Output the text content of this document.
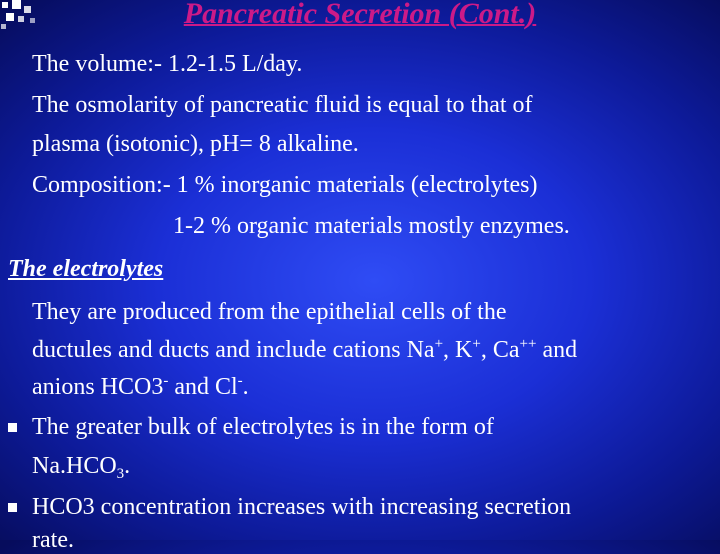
Pancreatic Secretion (Cont.)
The volume:- 1.2-1.5 L/day.
The osmolarity of pancreatic fluid is equal to that of
plasma (isotonic), pH= 8 alkaline.
Composition:- 1 % inorganic materials (electrolytes)
1-2 % organic materials mostly enzymes.
The electrolytes
They are produced from the epithelial cells of the
ductules and ducts and include cations Na+, K+, Ca++ and
anions HCO3- and Cl-.
The greater bulk of electrolytes is in the form of
$Na.HCO_3$.
HCO3 concentration increases with increasing secretion
rate.
